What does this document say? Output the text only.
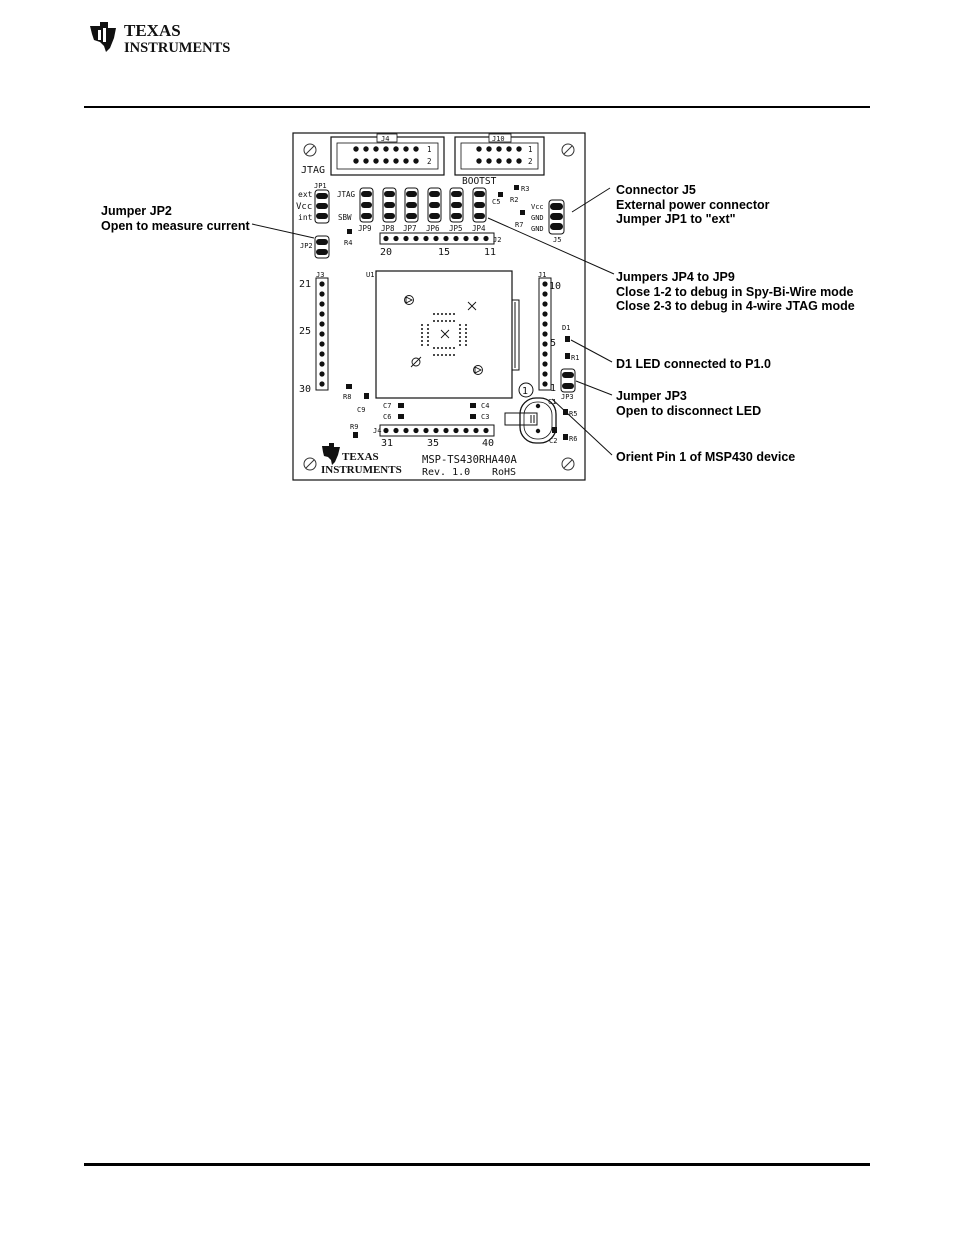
TEXAS
INSTRUMENTS
J4
1
2
JTAG
J10
1
2
BOOTST
JP1
ext
Vcc
int
JP2
JTAG
SBW
JP9 JP8 JP7 JP6 JP5 JP4
R3
R2
C5
R7
R4
Vcc
GND
GND
J5
J2
20	15	11
J3
21
25
30
U1	J1
10
5
1
D1
R1
JP3
R8
C9
R9
C7
C6
C4
C3
1
C1
R5
C2 R6
J4
31	35	40
TEXAS
INSTRUMENTS
MSP-TS430RHA40A
Rev. 1.0 RoHS
Jumper JP2
Open to measure current
Connector J5
External power connector
Jumper JP1 to "ext"
Jumpers JP4 to JP9
Close 1-2 to debug in Spy-Bi-Wire mode
Close 2-3 to debug in 4-wire JTAG mode
D1 LED connected to P1.0
Jumper JP3
Open to disconnect LED
Orient Pin 1 of MSP430 device
